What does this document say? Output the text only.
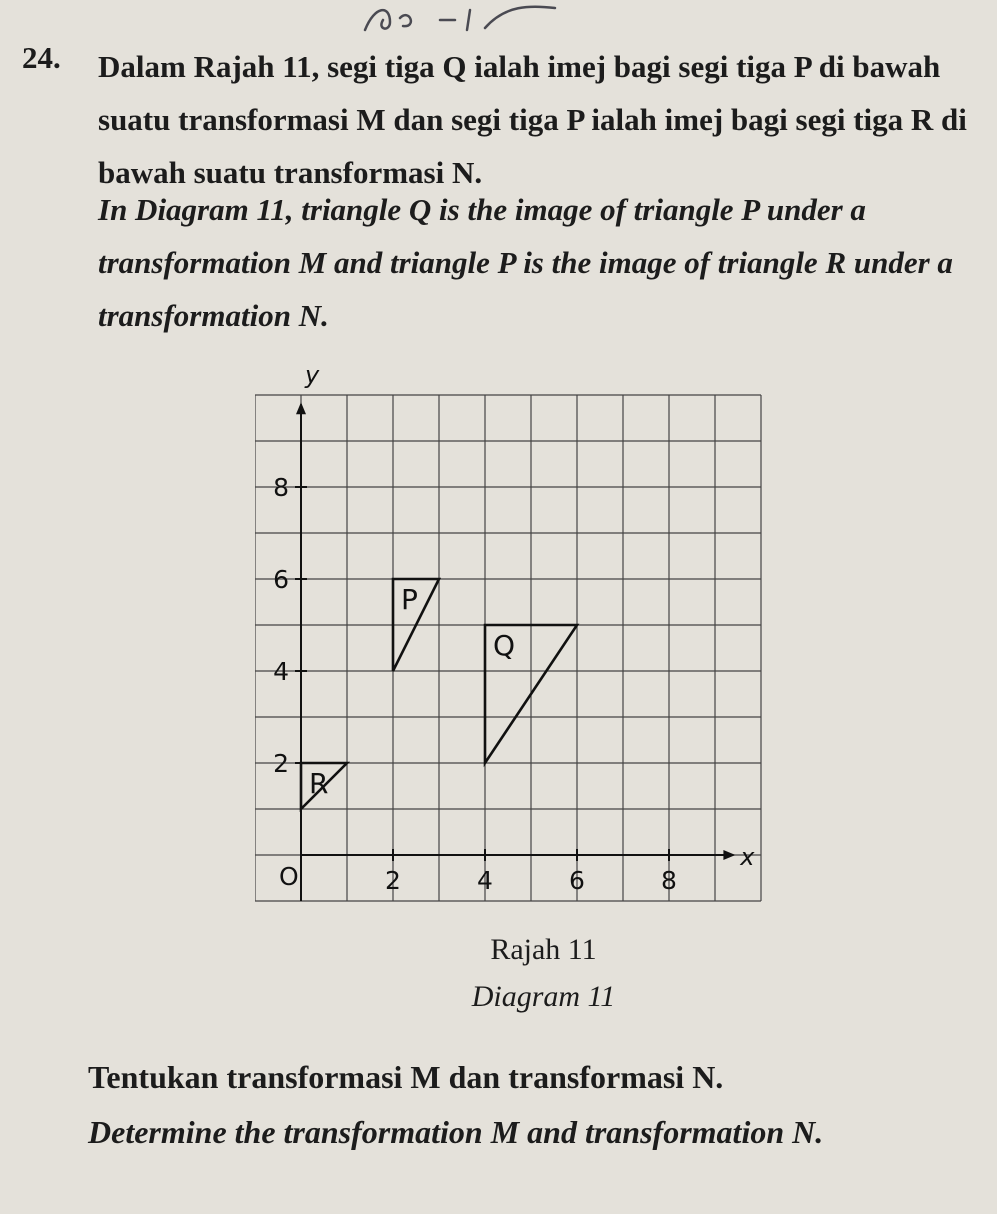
24. Dalam Rajah 11, segi tiga Q ialah imej bagi segi tiga P di bawah suatu transformasi M dan segi tiga P ialah imej bagi segi tiga R di bawah suatu transformasi N.
In Diagram 11, triangle Q is the image of triangle P under a transformation M and triangle P is the image of triangle R under a transformation N.
y
x
O	2	4	6	8
2
4
6
8
P
Q
R
Rajah 11
Diagram 11
Tentukan transformasi M dan transformasi N.
Determine the transformation M and transformation N.
